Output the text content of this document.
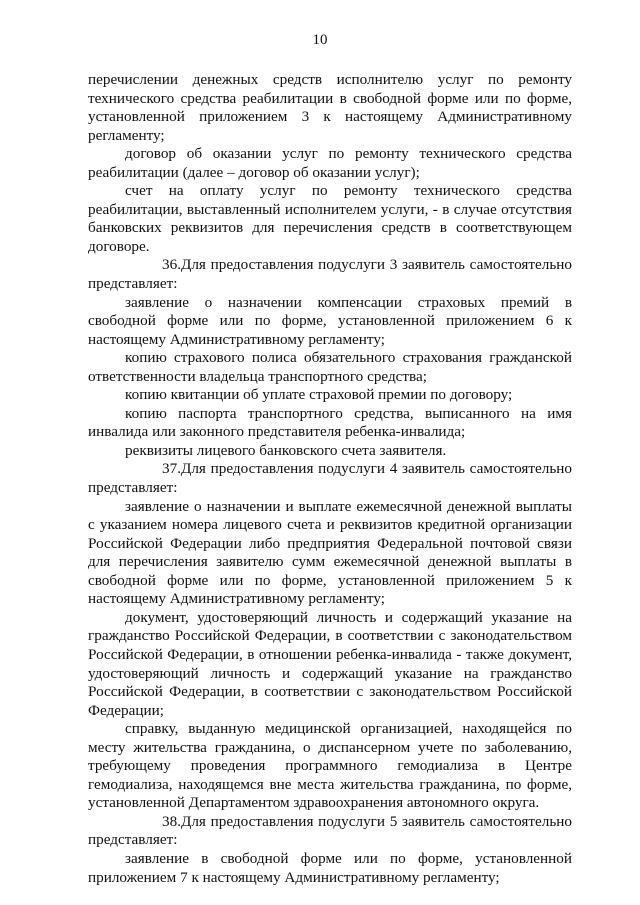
10

перечислении денежных средств исполнителю услуг по ремонту технического средства реабилитации в свободной форме или по форме, установленной приложением 3 к настоящему Административному регламенту;

договор об оказании услуг по ремонту технического средства реабилитации (далее – договор об оказании услуг);

счет на оплату услуг по ремонту технического средства реабилитации, выставленный исполнителем услуги, - в случае отсутствия банковских реквизитов для перечисления средств в соответствующем договоре.

36.Для предоставления подуслуги 3 заявитель самостоятельно представляет:

заявление о назначении компенсации страховых премий в свободной форме или по форме, установленной приложением 6 к настоящему Административному регламенту;

копию страхового полиса обязательного страхования гражданской ответственности владельца транспортного средства;

копию квитанции об уплате страховой премии по договору;

копию паспорта транспортного средства, выписанного на имя инвалида или законного представителя ребенка-инвалида;

реквизиты лицевого банковского счета заявителя.

37.Для предоставления подуслуги 4 заявитель самостоятельно представляет:

заявление о назначении и выплате ежемесячной денежной выплаты с указанием номера лицевого счета и реквизитов кредитной организации Российской Федерации либо предприятия Федеральной почтовой связи для перечисления заявителю сумм ежемесячной денежной выплаты в свободной форме или по форме, установленной приложением 5 к настоящему Административному регламенту;

документ, удостоверяющий личность и содержащий указание на гражданство Российской Федерации, в соответствии с законодательством Российской Федерации, в отношении ребенка-инвалида - также документ, удостоверяющий личность и содержащий указание на гражданство Российской Федерации, в соответствии с законодательством Российской Федерации;

справку, выданную медицинской организацией, находящейся по месту жительства гражданина, о диспансерном учете по заболеванию, требующему проведения программного гемодиализа в Центре гемодиализа, находящемся вне места жительства гражданина, по форме, установленной Департаментом здравоохранения автономного округа.

38.Для предоставления подуслуги 5 заявитель самостоятельно представляет:

заявление в свободной форме или по форме, установленной приложением 7 к настоящему Административному регламенту;
